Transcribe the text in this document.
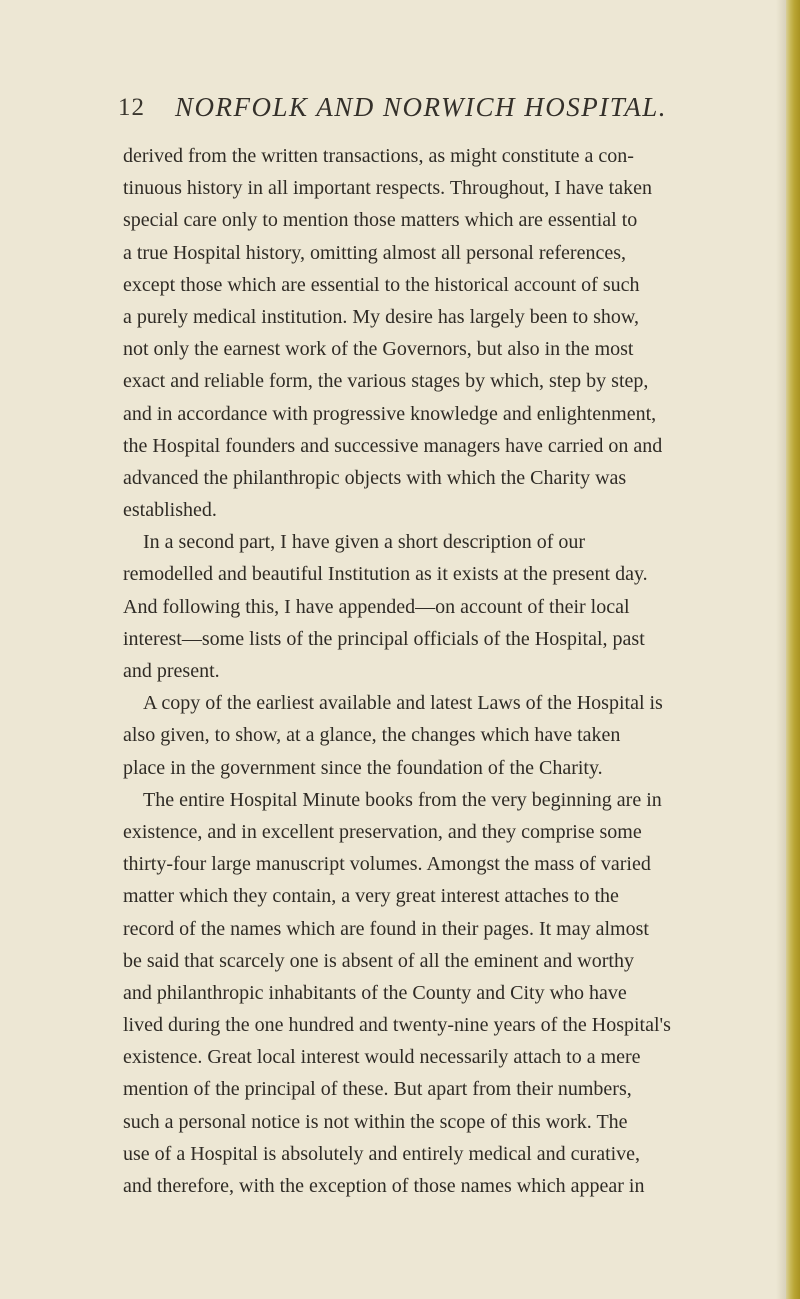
12 NORFOLK AND NORWICH HOSPITAL.
derived from the written transactions, as might constitute a con-
tinuous history in all important respects. Throughout, I have taken
special care only to mention those matters which are essential to
a true Hospital history, omitting almost all personal references,
except those which are essential to the historical account of such
a purely medical institution. My desire has largely been to show,
not only the earnest work of the Governors, but also in the most
exact and reliable form, the various stages by which, step by step,
and in accordance with progressive knowledge and enlightenment,
the Hospital founders and successive managers have carried on and
advanced the philanthropic objects with which the Charity was
established.
In a second part, I have given a short description of our
remodelled and beautiful Institution as it exists at the present day.
And following this, I have appended—on account of their local
interest—some lists of the principal officials of the Hospital, past
and present.
A copy of the earliest available and latest Laws of the Hospital is
also given, to show, at a glance, the changes which have taken
place in the government since the foundation of the Charity.
The entire Hospital Minute books from the very beginning are in
existence, and in excellent preservation, and they comprise some
thirty-four large manuscript volumes. Amongst the mass of varied
matter which they contain, a very great interest attaches to the
record of the names which are found in their pages. It may almost
be said that scarcely one is absent of all the eminent and worthy
and philanthropic inhabitants of the County and City who have
lived during the one hundred and twenty-nine years of the Hospital's
existence. Great local interest would necessarily attach to a mere
mention of the principal of these. But apart from their numbers,
such a personal notice is not within the scope of this work. The
use of a Hospital is absolutely and entirely medical and curative,
and therefore, with the exception of those names which appear in
